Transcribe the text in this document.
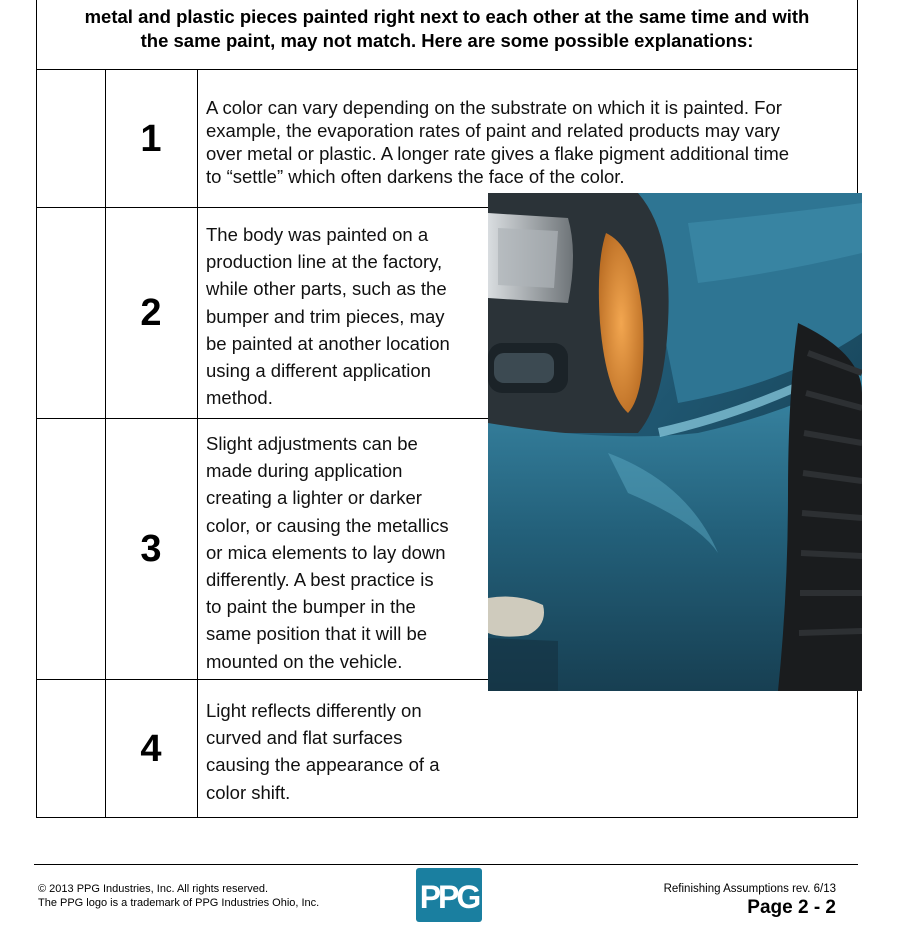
metal and plastic pieces painted right next to each other at the same time and with
the same paint, may not match. Here are some possible explanations:
1
A color can vary depending on the substrate on which it is painted. For
example, the evaporation rates of paint and related products may vary
over metal or plastic. A longer rate gives a flake pigment additional time
to “settle” which often darkens the face of the color.
2
The body was painted on a
production line at the factory,
while other parts, such as the
bumper and trim pieces, may
be painted at another location
using a different application
method.
3
Slight adjustments can be
made during application
creating a lighter or darker
color, or causing the metallics
or mica elements to lay down
differently. A best practice is
to paint the bumper in the
same position that it will be
mounted on the vehicle.
4
Light reflects differently on
curved and flat surfaces
causing the appearance of a
color shift.
© 2013 PPG Industries, Inc. All rights reserved.
The PPG logo is a trademark of PPG Industries Ohio, Inc.	PPG	Refinishing Assumptions rev. 6/13
Page 2 - 2
